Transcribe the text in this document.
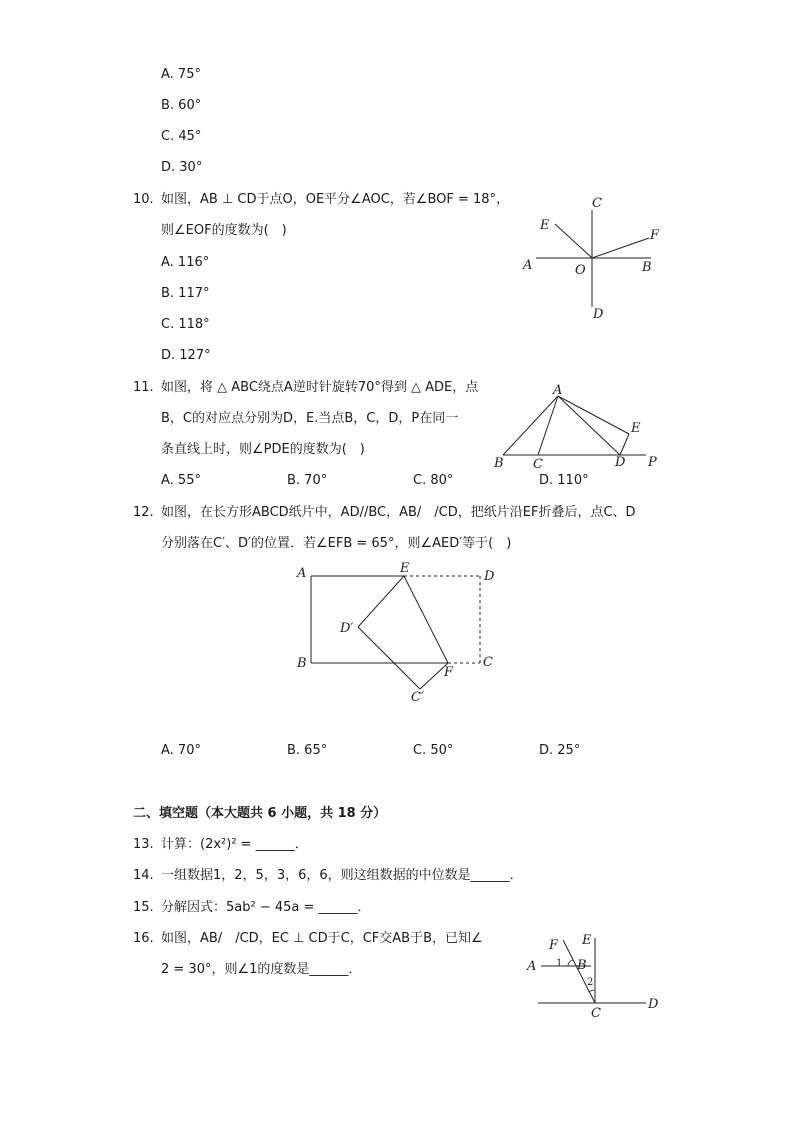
A. 75°
B. 60°
C. 45°
D. 30°
10. 如图，AB ⊥ CD于点O，OE平分∠AOC，若∠BOF = 18°，
则∠EOF的度数为(　)
A. 116°
B. 117°
C. 118°
D. 127°
C
E
F
A	O	B
D
11. 如图，将 △ ABC绕点A逆时针旋转70°得到 △ ADE，点
B，C的对应点分别为D，E.当点B，C，D，P在同一
条直线上时，则∠PDE的度数为(　)
A. 55°	B. 70°	C. 80°	D. 110°
A
E
B C	D P
12. 如图，在长方形ABCD纸片中，AD//BC，AB/　/CD，把纸片沿EF折叠后，点C、D
分别落在C′、D′的位置．若∠EFB = 65°，则∠AED′等于(　)
A	E
D
D′
B
F
C
C′
A. 70°	B. 65°	C. 50°	D. 25°
二、填空题（本大题共 6 小题，共 18 分）
13. 计算：(2x²)² = ______．
14. 一组数据1，2，5，3，6，6，则这组数据的中位数是______．
15. 分解因式：5ab² − 45a = ______．
16. 如图，AB/　/CD，EC ⊥ CD于C，CF交AB于B，已知∠
2 = 30°，则∠1的度数是______．
F E
A 1 B
2
D
C
